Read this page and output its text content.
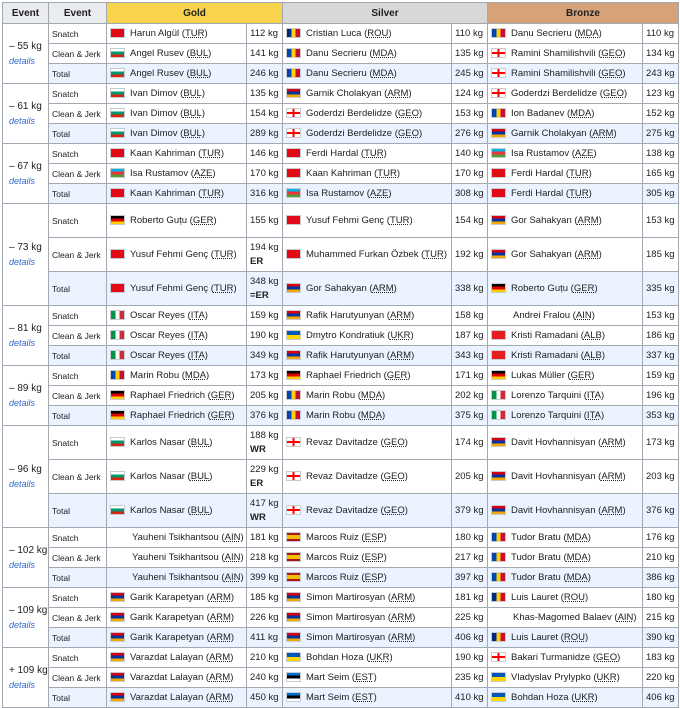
Event	Event	Gold		Silver		Bronze	
– 55 kg
details	Snatch	Harun Algül (TUR)	112 kg	Cristian Luca (ROU)	110 kg	Danu Secrieru (MDA)	110 kg
	Clean & Jerk	Angel Rusev (BUL)	141 kg	Danu Secrieru (MDA)	135 kg	Ramini Shamilishvili (GEO)	134 kg
	Total	Angel Rusev (BUL)	246 kg	Danu Secrieru (MDA)	245 kg	Ramini Shamilishvili (GEO)	243 kg
– 61 kg
details	Snatch	Ivan Dimov (BUL)	135 kg	Garnik Cholakyan (ARM)	124 kg	Goderdzi Berdelidze (GEO)	123 kg
	Clean & Jerk	Ivan Dimov (BUL)	154 kg	Goderdzi Berdelidze (GEO)	153 kg	Ion Badanev (MDA)	152 kg
	Total	Ivan Dimov (BUL)	289 kg	Goderdzi Berdelidze (GEO)	276 kg	Garnik Cholakyan (ARM)	275 kg
– 67 kg
details	Snatch	Kaan Kahriman (TUR)	146 kg	Ferdi Hardal (TUR)	140 kg	Isa Rustamov (AZE)	138 kg
	Clean & Jerk	Isa Rustamov (AZE)	170 kg	Kaan Kahriman (TUR)	170 kg	Ferdi Hardal (TUR)	165 kg
	Total	Kaan Kahriman (TUR)	316 kg	Isa Rustamov (AZE)	308 kg	Ferdi Hardal (TUR)	305 kg
– 73 kg
details	Snatch	Roberto Guțu (GER)	155 kg	Yusuf Fehmi Genç (TUR)	154 kg	Gor Sahakyan (ARM)	153 kg
	Clean & Jerk	Yusuf Fehmi Genç (TUR)	194 kg
ER	Muhammed Furkan Özbek (TUR)	192 kg	Gor Sahakyan (ARM)	185 kg
	Total	Yusuf Fehmi Genç (TUR)	348 kg
=ER	Gor Sahakyan (ARM)	338 kg	Roberto Guțu (GER)	335 kg
– 81 kg
details	Snatch	Oscar Reyes (ITA)	159 kg	Rafik Harutyunyan (ARM)	158 kg	Andrei Fralou (AIN)	153 kg
	Clean & Jerk	Oscar Reyes (ITA)	190 kg	Dmytro Kondratiuk (UKR)	187 kg	Kristi Ramadani (ALB)	186 kg
	Total	Oscar Reyes (ITA)	349 kg	Rafik Harutyunyan (ARM)	343 kg	Kristi Ramadani (ALB)	337 kg
– 89 kg
details	Snatch	Marin Robu (MDA)	173 kg	Raphael Friedrich (GER)	171 kg	Lukas Müller (GER)	159 kg
	Clean & Jerk	Raphael Friedrich (GER)	205 kg	Marin Robu (MDA)	202 kg	Lorenzo Tarquini (ITA)	196 kg
	Total	Raphael Friedrich (GER)	376 kg	Marin Robu (MDA)	375 kg	Lorenzo Tarquini (ITA)	353 kg
– 96 kg
details	Snatch	Karlos Nasar (BUL)	188 kg
WR	Revaz Davitadze (GEO)	174 kg	Davit Hovhannisyan (ARM)	173 kg
	Clean & Jerk	Karlos Nasar (BUL)	229 kg
ER	Revaz Davitadze (GEO)	205 kg	Davit Hovhannisyan (ARM)	203 kg
	Total	Karlos Nasar (BUL)	417 kg
WR	Revaz Davitadze (GEO)	379 kg	Davit Hovhannisyan (ARM)	376 kg
– 102 kg
details	Snatch	Yauheni Tsikhantsou (AIN)	181 kg	Marcos Ruiz (ESP)	180 kg	Tudor Bratu (MDA)	176 kg
	Clean & Jerk	Yauheni Tsikhantsou (AIN)	218 kg	Marcos Ruiz (ESP)	217 kg	Tudor Bratu (MDA)	210 kg
	Total	Yauheni Tsikhantsou (AIN)	399 kg	Marcos Ruiz (ESP)	397 kg	Tudor Bratu (MDA)	386 kg
– 109 kg
details	Snatch	Garik Karapetyan (ARM)	185 kg	Simon Martirosyan (ARM)	181 kg	Luis Lauret (ROU)	180 kg
	Clean & Jerk	Garik Karapetyan (ARM)	226 kg	Simon Martirosyan (ARM)	225 kg	Khas-Magomed Balaev (AIN)	215 kg
	Total	Garik Karapetyan (ARM)	411 kg	Simon Martirosyan (ARM)	406 kg	Luis Lauret (ROU)	390 kg
+ 109 kg
details	Snatch	Varazdat Lalayan (ARM)	210 kg	Bohdan Hoza (UKR)	190 kg	Bakari Turmanidze (GEO)	183 kg
	Clean & Jerk	Varazdat Lalayan (ARM)	240 kg	Mart Seim (EST)	235 kg	Vladyslav Prylypko (UKR)	220 kg
	Total	Varazdat Lalayan (ARM)	450 kg	Mart Seim (EST)	410 kg	Bohdan Hoza (UKR)	406 kg
